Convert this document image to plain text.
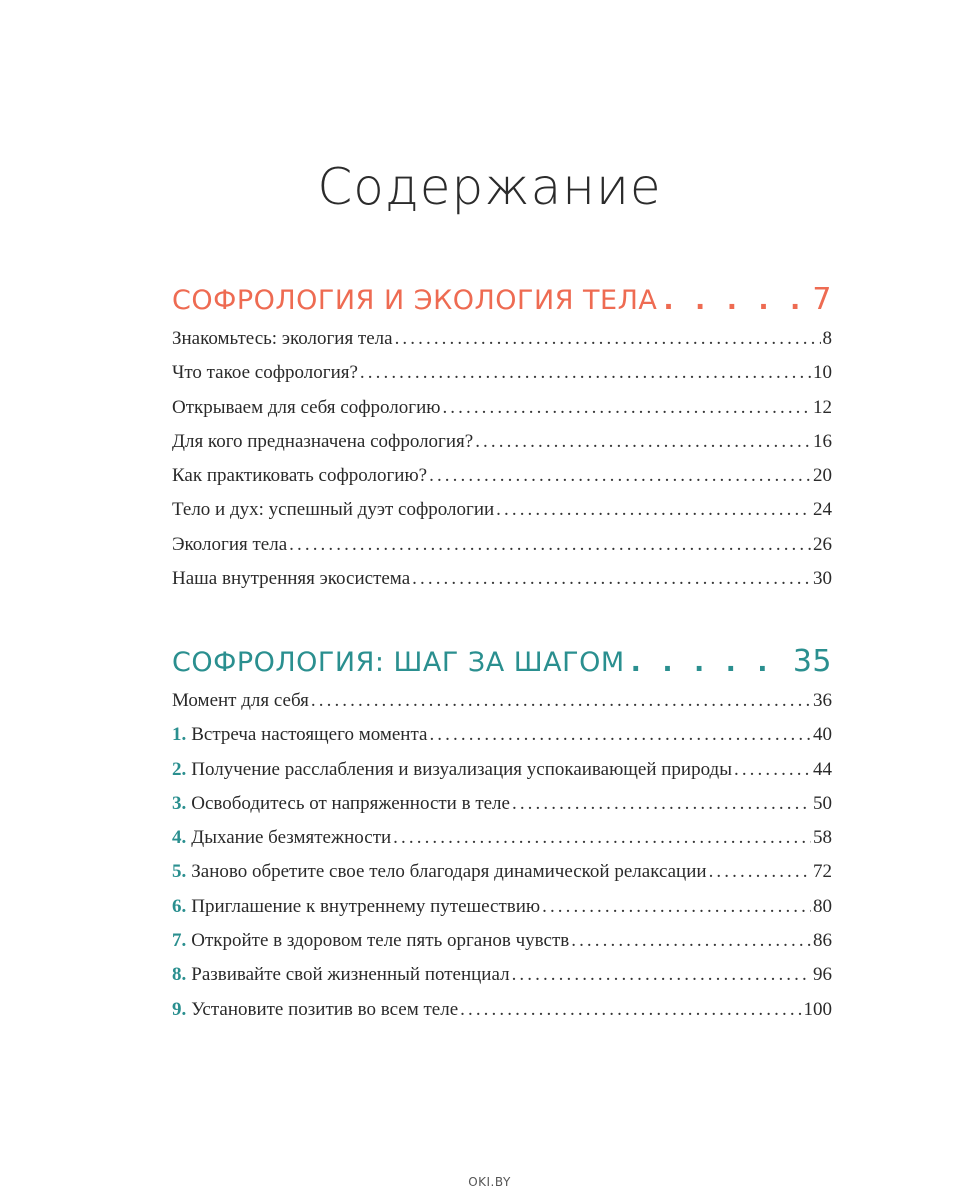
Содержание
СОФРОЛОГИЯ И ЭКОЛОГИЯ ТЕЛА . . .	7
Знакомьтесь: экология тела .....	8
Что такое софрология? .....	10
Открываем для себя софрологию .....	12
Для кого предназначена софрология? .....	16
Как практиковать софрологию? .....	20
Тело и дух: успешный дуэт софрологии .....	24
Экология тела .....	26
Наша внутренняя экосистема .....	30
СОФРОЛОГИЯ: ШАГ ЗА ШАГОМ . . .	35
Момент для себя .....	36
1. Встреча настоящего момента .....	40
2. Получение расслабления и визуализация успокаивающей природы .....	44
3. Освободитесь от напряженности в теле .....	50
4. Дыхание безмятежности .....	58
5. Заново обретите свое тело благодаря динамической релаксации .....	72
6. Приглашение к внутреннему путешествию .....	80
7. Откройте в здоровом теле пять органов чувств .....	86
8. Развивайте свой жизненный потенциал .....	96
9. Установите позитив во всем теле .....	100
OKI.BY
